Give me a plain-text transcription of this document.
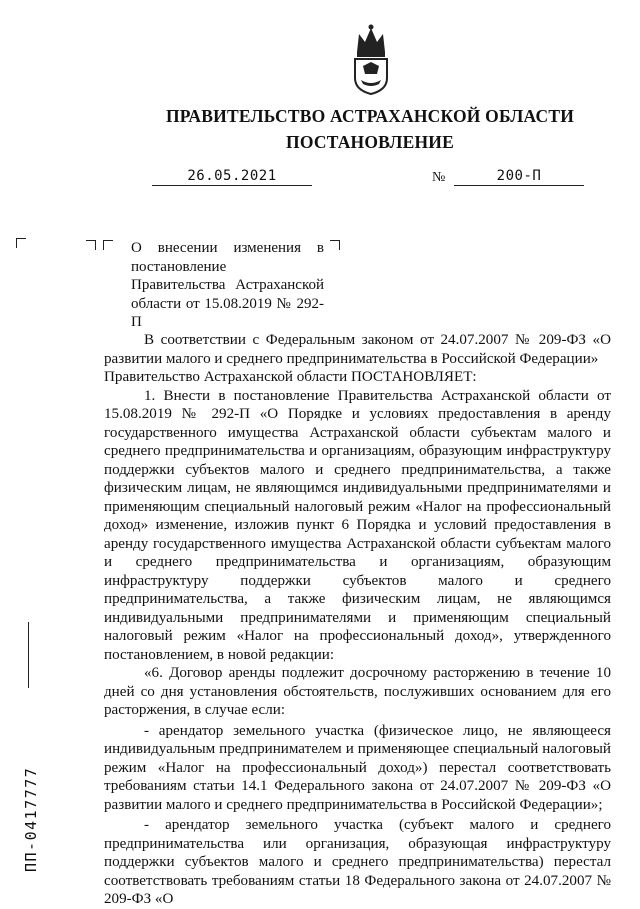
ПРАВИТЕЛЬСТВО АСТРАХАНСКОЙ ОБЛАСТИ
ПОСТАНОВЛЕНИЕ
26.05.2021	№	200-П
О внесении изменения в постановление Правительства Астраханской области от 15.08.2019 № 292-П

В соответствии с Федеральным законом от 24.07.2007 № 209-ФЗ «О развитии малого и среднего предпринимательства в Российской Федерации»

Правительство Астраханской области ПОСТАНОВЛЯЕТ:

1. Внести в постановление Правительства Астраханской области от 15.08.2019 № 292-П «О Порядке и условиях предоставления в аренду государственного имущества Астраханской области субъектам малого и среднего предпринимательства и организациям, образующим инфраструктуру поддержки субъектов малого и среднего предпринимательства, а также физическим лицам, не являющимся индивидуальными предпринимателями и применяющим специальный налоговый режим «Налог на профессиональный доход» изменение, изложив пункт 6 Порядка и условий предоставления в аренду государственного имущества Астраханской области субъектам малого и среднего предпринимательства и организациям, образующим инфраструктуру поддержки субъектов малого и среднего предпринимательства, а также физическим лицам, не являющимся индивидуальными предпринимателями и применяющим специальный налоговый режим «Налог на профессиональный доход», утвержденного постановлением, в новой редакции:

«6. Договор аренды подлежит досрочному расторжению в течение 10 дней со дня установления обстоятельств, послуживших основанием для его расторжения, в случае если:

- арендатор земельного участка (физическое лицо, не являющееся индивидуальным предпринимателем и применяющее специальный налоговый режим «Налог на профессиональный доход») перестал соответствовать требованиям статьи 14.1 Федерального закона от 24.07.2007 № 209-ФЗ «О развитии малого и среднего предпринимательства в Российской Федерации»;

- арендатор земельного участка (субъект малого и среднего предпринимательства или организация, образующая инфраструктуру поддержки субъектов малого и среднего предпринимательства) перестал соответствовать требованиям статьи 18 Федерального закона от 24.07.2007 № 209-ФЗ «О

ПП-0417777
